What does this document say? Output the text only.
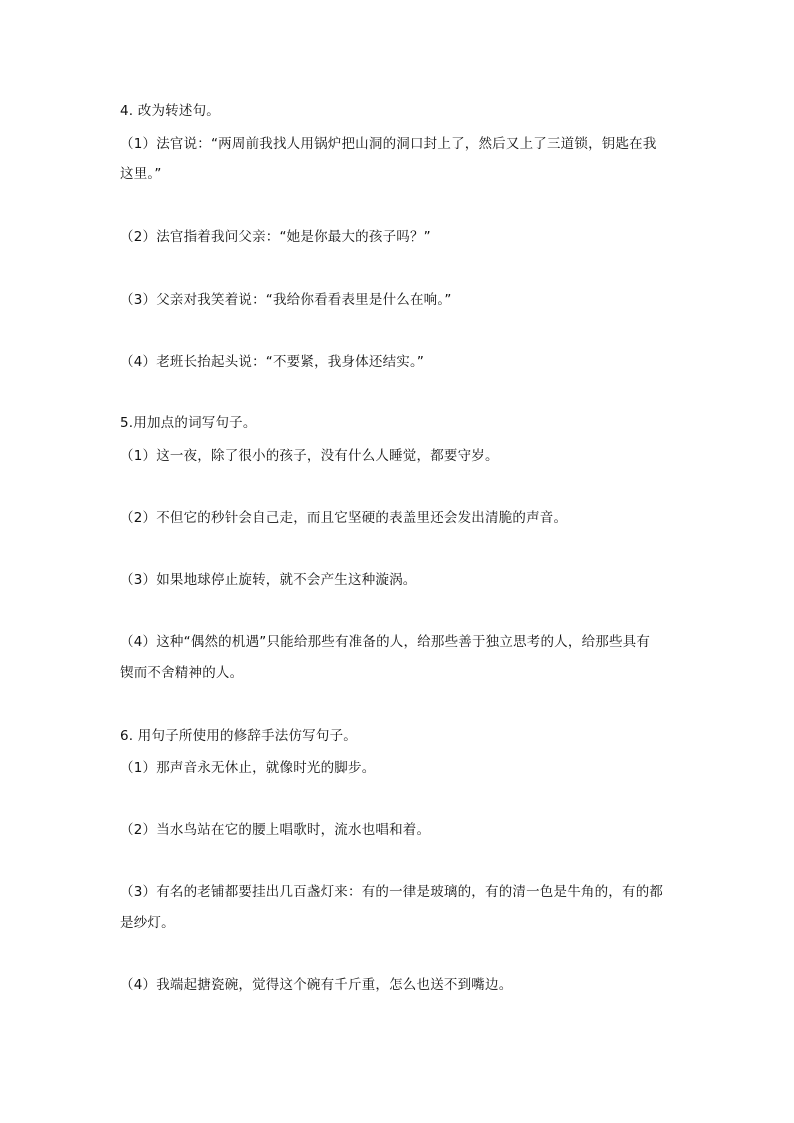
4. 改为转述句。
（1）法官说：“两周前我找人用锅炉把山洞的洞口封上了，然后又上了三道锁，钥匙在我
这里。”
（2）法官指着我问父亲：“她是你最大的孩子吗？”
（3）父亲对我笑着说：“我给你看看表里是什么在响。”
（4）老班长抬起头说：“不要紧，我身体还结实。”
5.用加点的词写句子。
（1）这一夜，除了很小的孩子，没有什么人睡觉，都要守岁。
（2）不但它的秒针会自己走，而且它坚硬的表盖里还会发出清脆的声音。
（3）如果地球停止旋转，就不会产生这种漩涡。
（4）这种“偶然的机遇”只能给那些有准备的人，给那些善于独立思考的人，给那些具有
锲而不舍精神的人。
6. 用句子所使用的修辞手法仿写句子。
（1）那声音永无休止，就像时光的脚步。
（2）当水鸟站在它的腰上唱歌时，流水也唱和着。
（3）有名的老铺都要挂出几百盏灯来：有的一律是玻璃的，有的清一色是牛角的，有的都
是纱灯。
（4）我端起搪瓷碗，觉得这个碗有千斤重，怎么也送不到嘴边。
